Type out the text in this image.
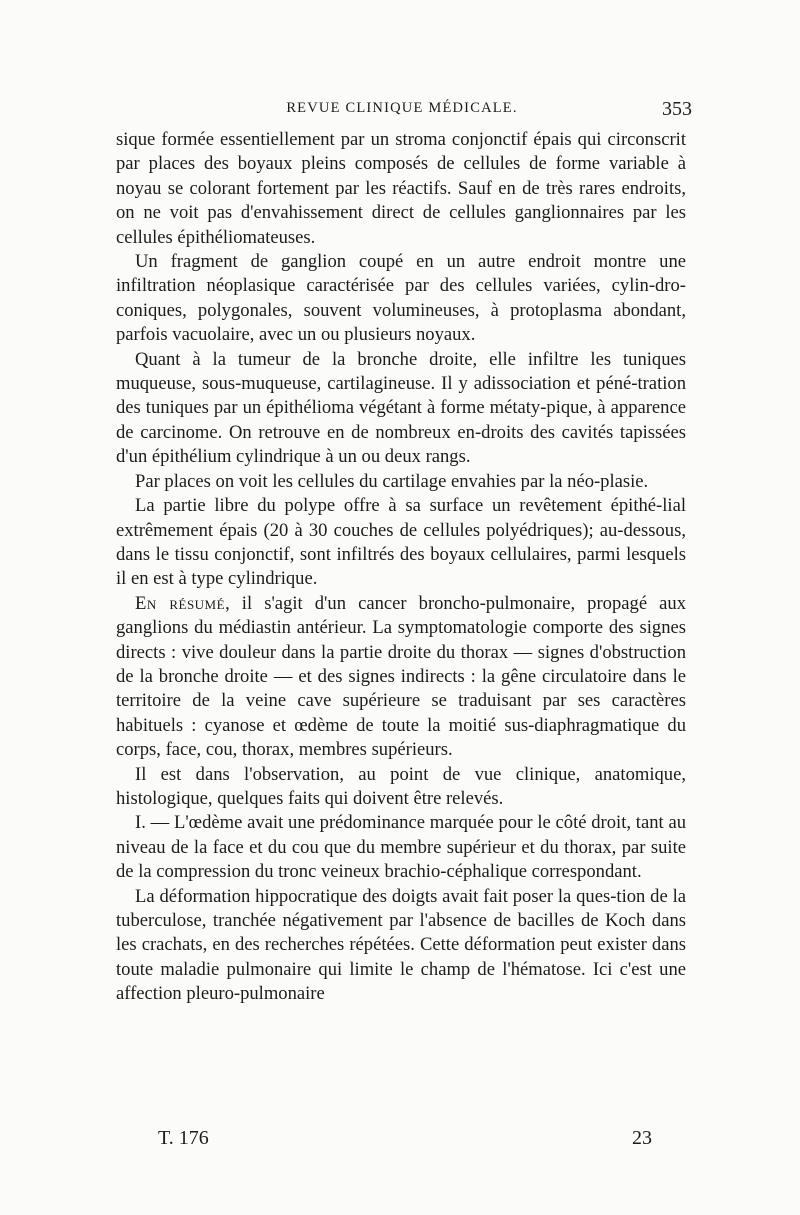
REVUE CLINIQUE MÉDICALE.	353

sique formée essentiellement par un stroma conjonctif épais qui circonscrit par places des boyaux pleins composés de cellules de forme variable à noyau se colorant fortement par les réactifs. Sauf en de très rares endroits, on ne voit pas d'envahissement direct de cellules ganglionnaires par les cellules épithéliomateuses.

Un fragment de ganglion coupé en un autre endroit montre une infiltration néoplasique caractérisée par des cellules variées, cylin-dro-coniques, polygonales, souvent volumineuses, à protoplasma abondant, parfois vacuolaire, avec un ou plusieurs noyaux.

Quant à la tumeur de la bronche droite, elle infiltre les tuniques muqueuse, sous-muqueuse, cartilagineuse. Il y adissociation et péné-tration des tuniques par un épithélioma végétant à forme métaty-pique, à apparence de carcinome. On retrouve en de nombreux en-droits des cavités tapissées d'un épithélium cylindrique à un ou deux rangs.

Par places on voit les cellules du cartilage envahies par la néo-plasie.

La partie libre du polype offre à sa surface un revêtement épithé-lial extrêmement épais (20 à 30 couches de cellules polyédriques); au-dessous, dans le tissu conjonctif, sont infiltrés des boyaux cellulaires, parmi lesquels il en est à type cylindrique.

En résumé, il s'agit d'un cancer broncho-pulmonaire, propagé aux ganglions du médiastin antérieur. La symptomatologie comporte des signes directs : vive douleur dans la partie droite du thorax — signes d'obstruction de la bronche droite — et des signes indirects : la gêne circulatoire dans le territoire de la veine cave supérieure se traduisant par ses caractères habituels : cyanose et œdème de toute la moitié sus-diaphragmatique du corps, face, cou, thorax, membres supérieurs.

Il est dans l'observation, au point de vue clinique, anatomique, histologique, quelques faits qui doivent être relevés.

I. — L'œdème avait une prédominance marquée pour le côté droit, tant au niveau de la face et du cou que du membre supérieur et du thorax, par suite de la compression du tronc veineux brachio-céphalique correspondant.

La déformation hippocratique des doigts avait fait poser la ques-tion de la tuberculose, tranchée négativement par l'absence de bacilles de Koch dans les crachats, en des recherches répétées. Cette déformation peut exister dans toute maladie pulmonaire qui limite le champ de l'hématose. Ici c'est une affection pleuro-pulmonaire

T. 176	23
